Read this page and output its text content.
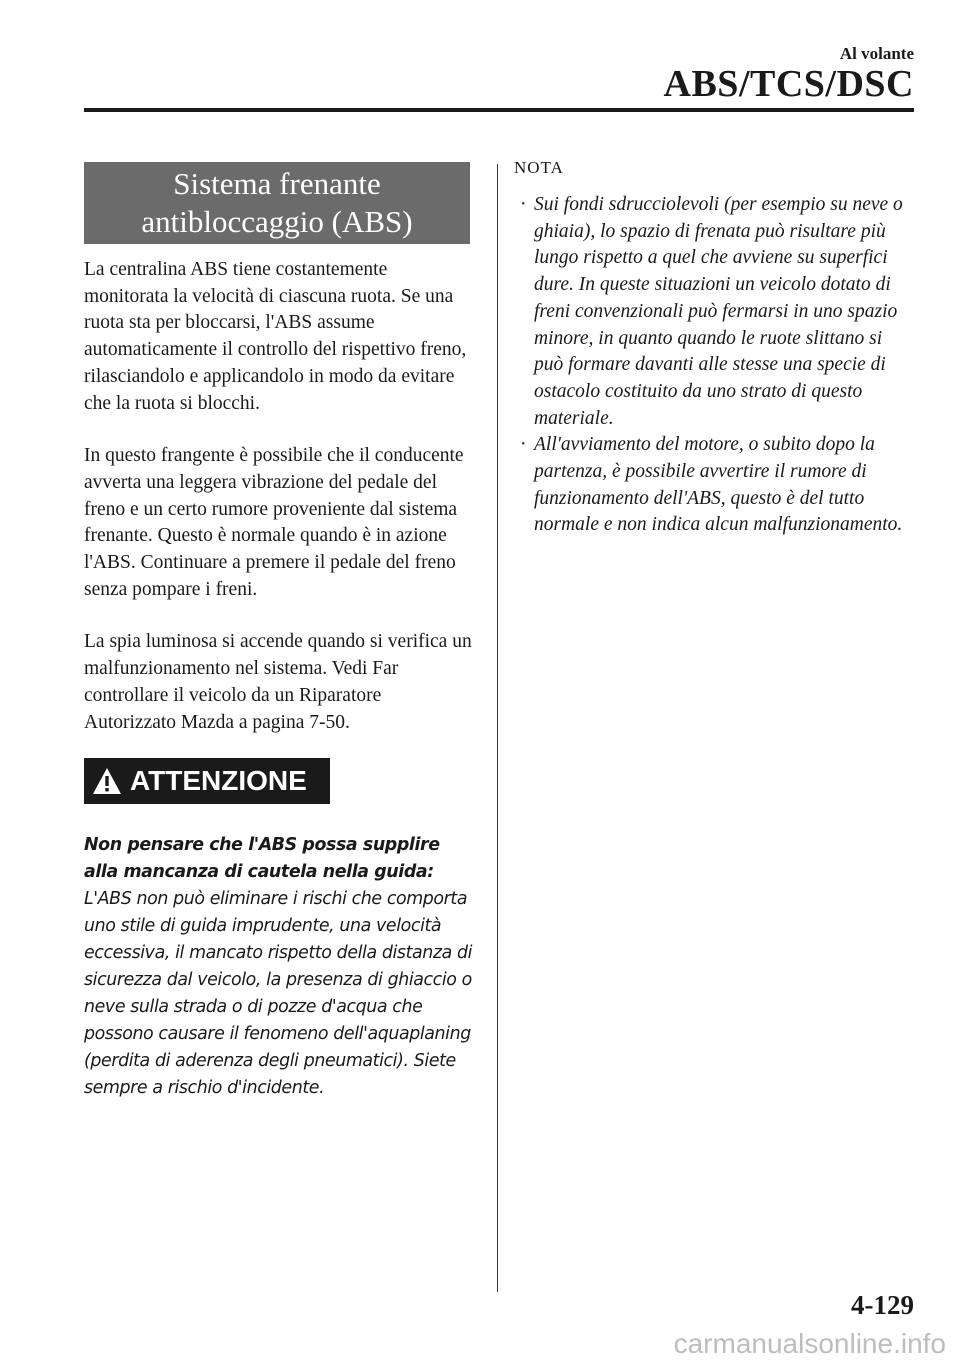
Al volante
ABS/TCS/DSC
Sistema frenante
antibloccaggio (ABS)

La centralina ABS tiene costantemente monitorata la velocità di ciascuna ruota. Se una ruota sta per bloccarsi, l'ABS assume automaticamente il controllo del rispettivo freno, rilasciandolo e applicandolo in modo da evitare che la ruota si blocchi.

In questo frangente è possibile che il conducente avverta una leggera vibrazione del pedale del freno e un certo rumore proveniente dal sistema frenante. Questo è normale quando è in azione l'ABS. Continuare a premere il pedale del freno senza pompare i freni.

La spia luminosa si accende quando si verifica un malfunzionamento nel sistema. Vedi Far controllare il veicolo da un Riparatore Autorizzato Mazda a pagina 7-50.

ATTENZIONE
Non pensare che l'ABS possa supplire alla mancanza di cautela nella guida:
L'ABS non può eliminare i rischi che comporta uno stile di guida imprudente, una velocità eccessiva, il mancato rispetto della distanza di sicurezza dal veicolo, la presenza di ghiaccio o neve sulla strada o di pozze d'acqua che possono causare il fenomeno dell'aquaplaning (perdita di aderenza degli pneumatici). Siete sempre a rischio d'incidente.

NOTA

· Sui fondi sdrucciolevoli (per esempio su neve o ghiaia), lo spazio di frenata può risultare più lungo rispetto a quel che avviene su superfici dure. In queste situazioni un veicolo dotato di freni convenzionali può fermarsi in uno spazio minore, in quanto quando le ruote slittano si può formare davanti alle stesse una specie di ostacolo costituito da uno strato di questo materiale.
· All'avviamento del motore, o subito dopo la partenza, è possibile avvertire il rumore di funzionamento dell'ABS, questo è del tutto normale e non indica alcun malfunzionamento.
4-129
carmanualsonline.info
